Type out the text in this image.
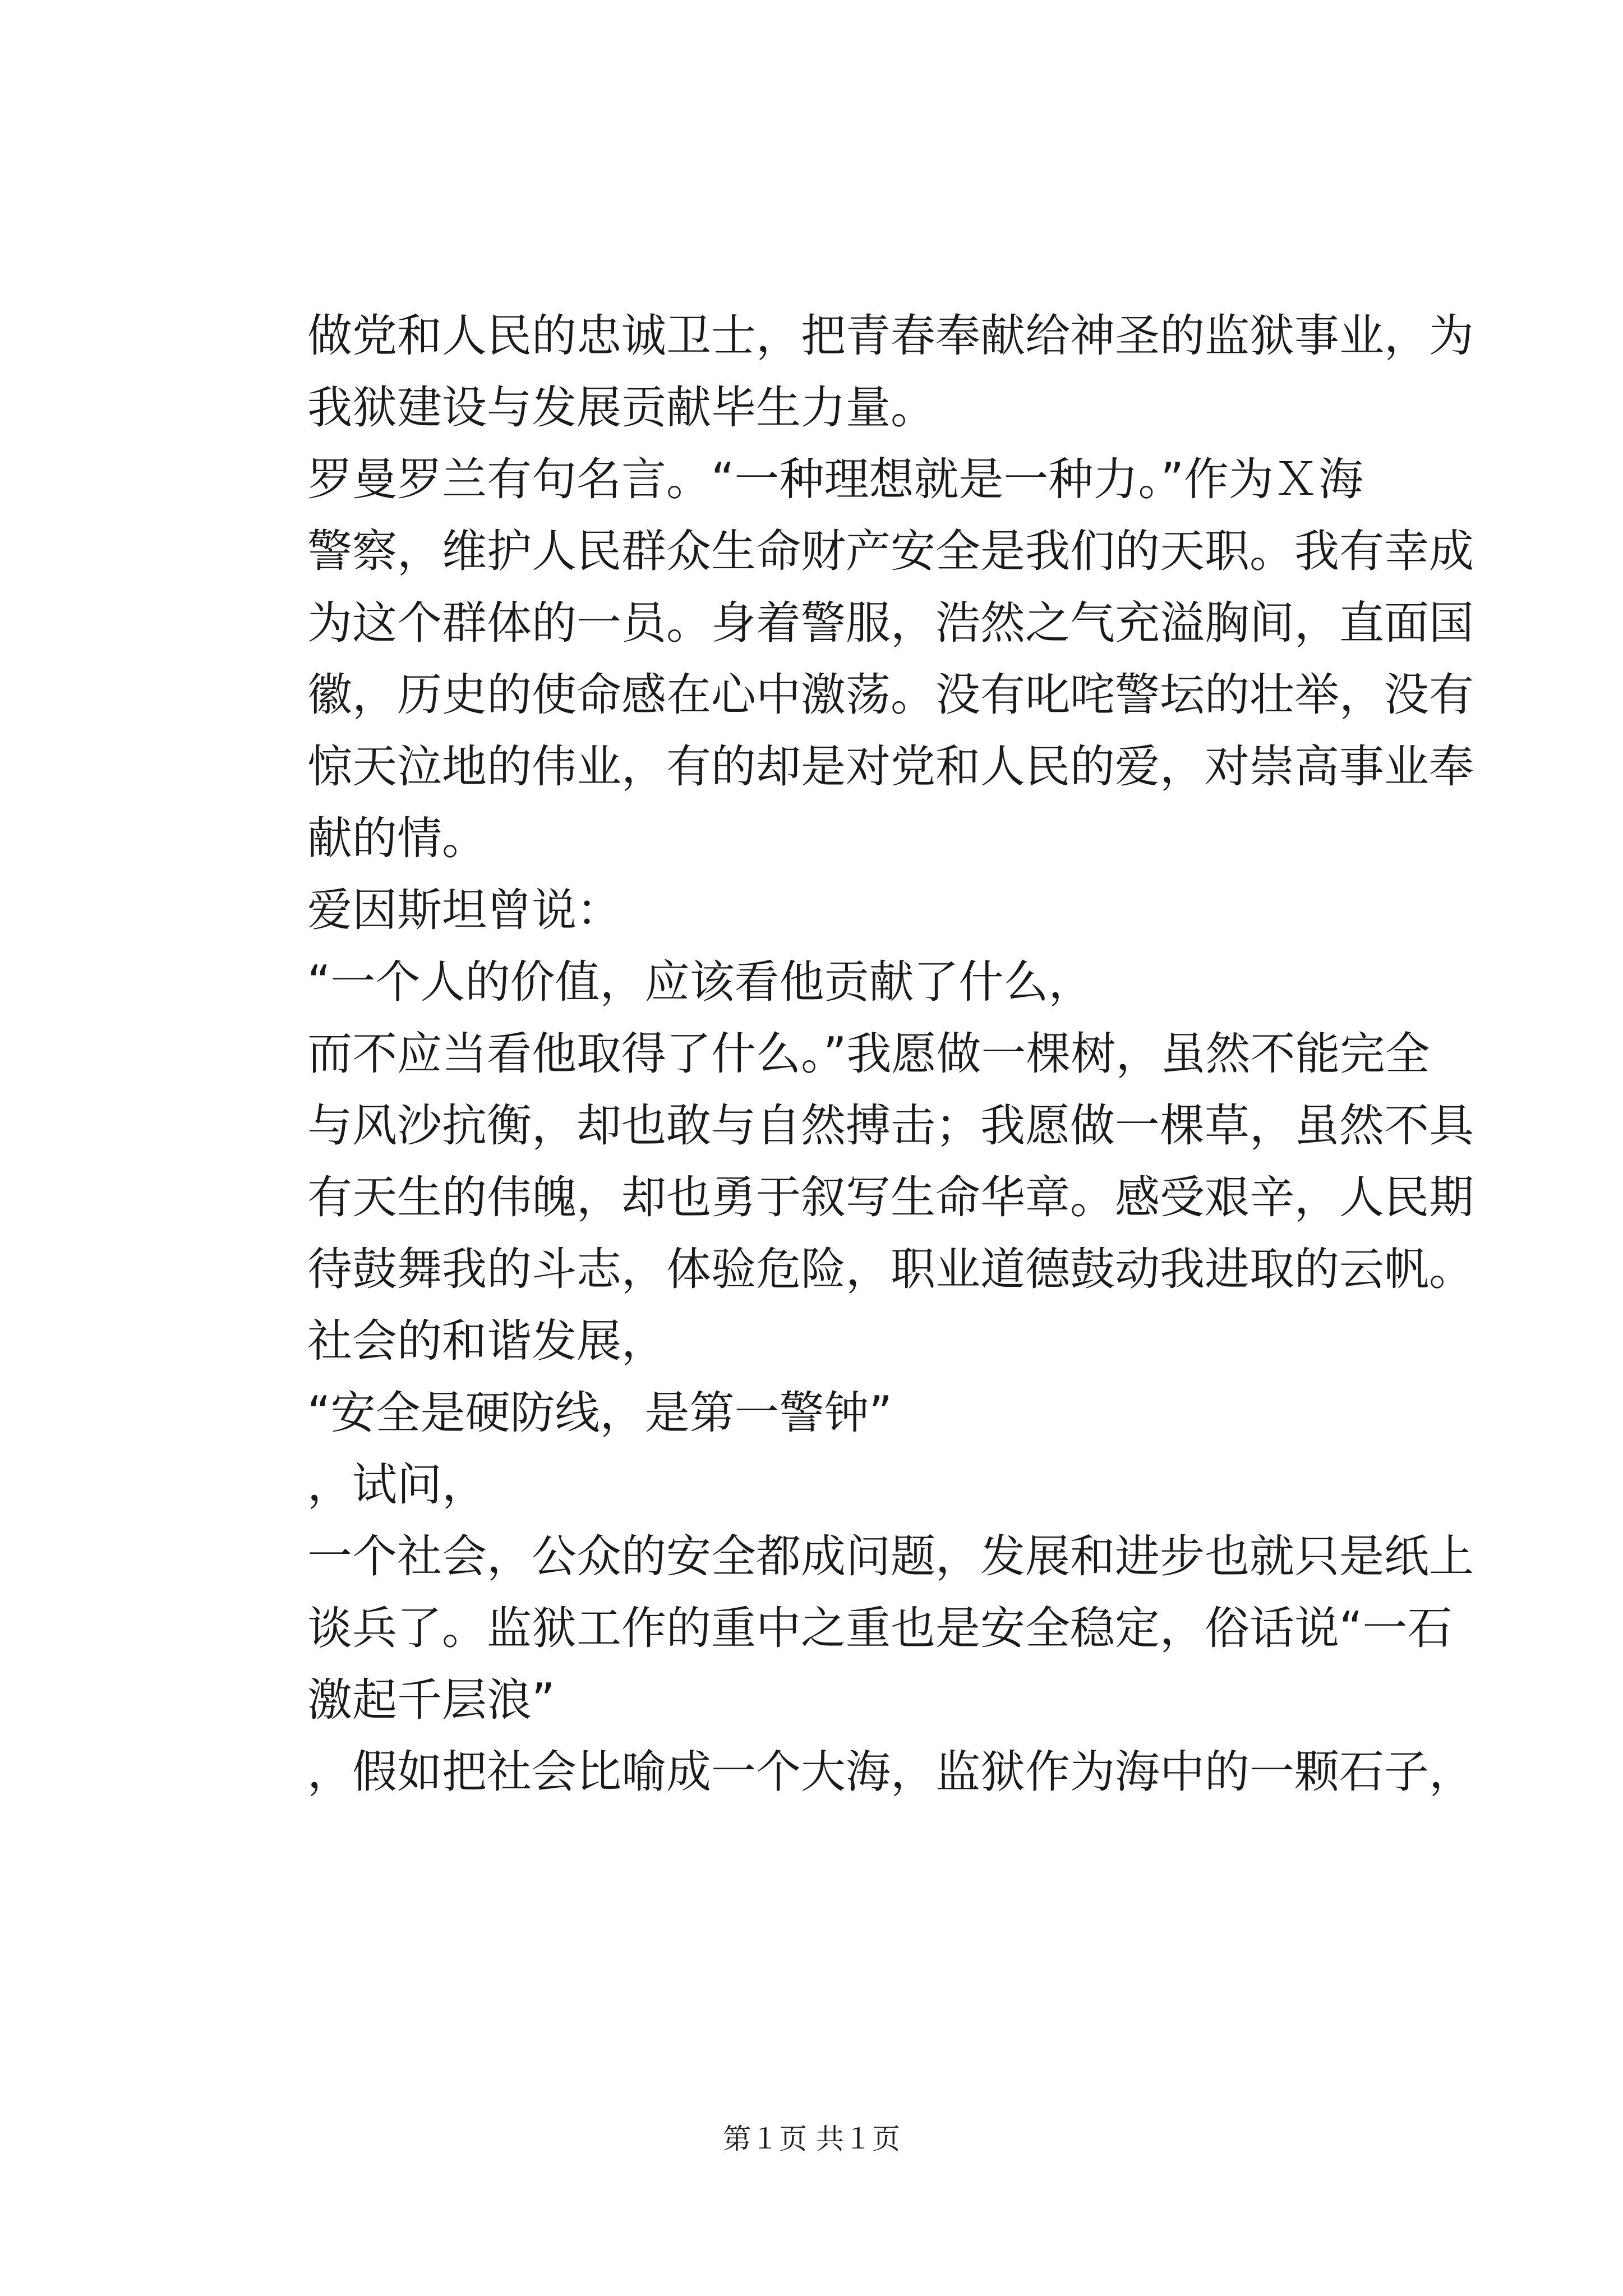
做党和人民的忠诚卫士，把青春奉献给神圣的监狱事业，为
我狱建设与发展贡献毕生力量。
罗曼罗兰有句名言。“一种理想就是一种力。”作为Ｘ海
警察，维护人民群众生命财产安全是我们的天职。我有幸成
为这个群体的一员。身着警服，浩然之气充溢胸间，直面国
徽，历史的使命感在心中激荡。没有叱咤警坛的壮举，没有
惊天泣地的伟业，有的却是对党和人民的爱，对崇高事业奉
献的情。
爱因斯坦曾说：
“一个人的价值，应该看他贡献了什么，
而不应当看他取得了什么。”我愿做一棵树，虽然不能完全
与风沙抗衡，却也敢与自然搏击；我愿做一棵草，虽然不具
有天生的伟魄，却也勇于叙写生命华章。感受艰辛，人民期
待鼓舞我的斗志，体验危险，职业道德鼓动我进取的云帆。
社会的和谐发展，
“安全是硬防线，是第一警钟”
，试问，
一个社会，公众的安全都成问题，发展和进步也就只是纸上
谈兵了。监狱工作的重中之重也是安全稳定，俗话说“一石
激起千层浪”
，假如把社会比喻成一个大海，监狱作为海中的一颗石子，
第１页 共１页
